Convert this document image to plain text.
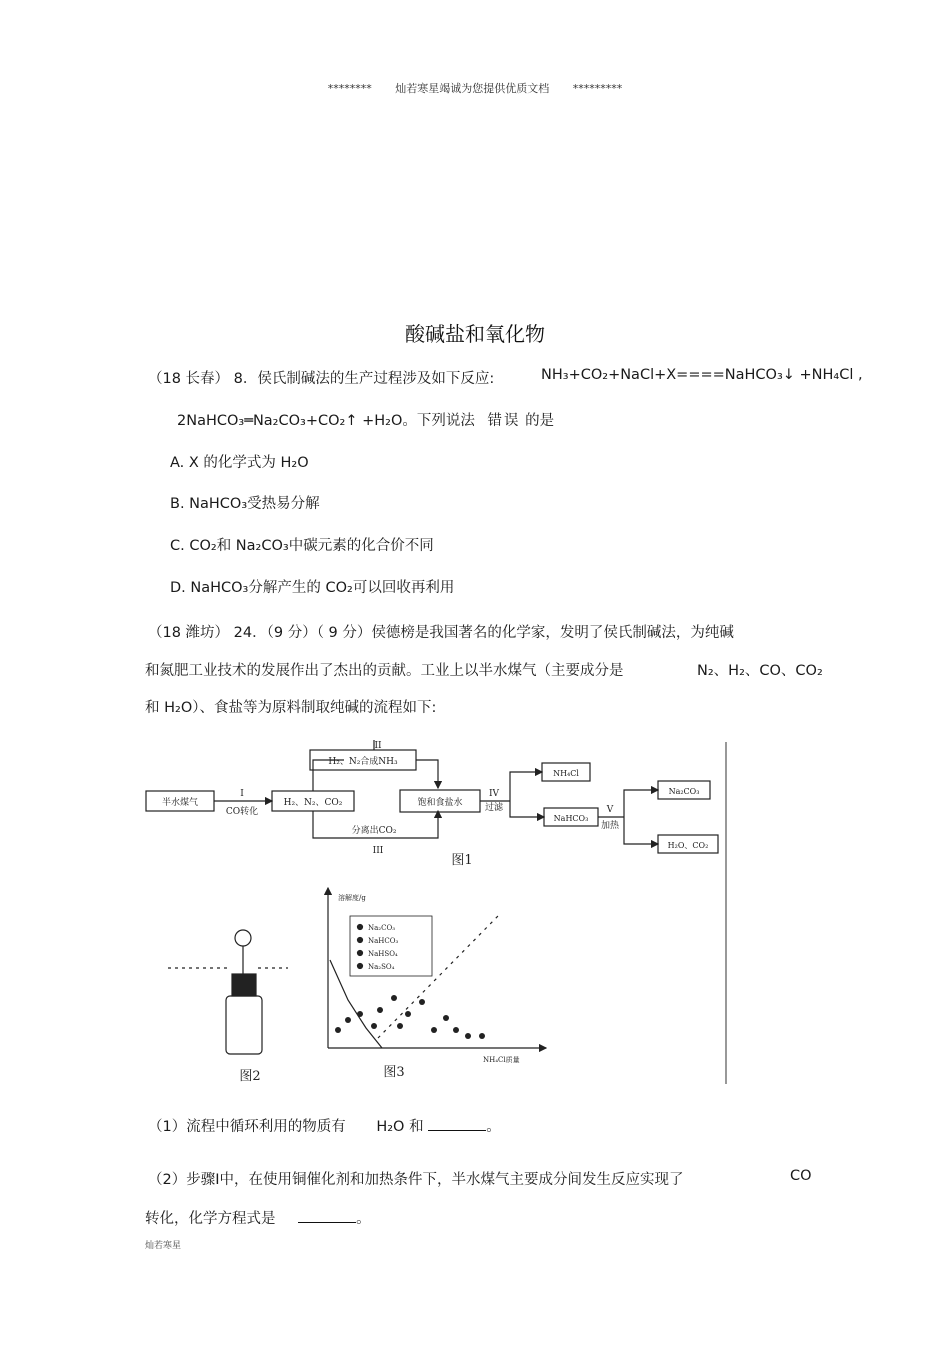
******** 灿若寒星竭诚为您提供优质文档 *********
酸碱盐和氧化物
（18 长春） 8．侯氏制碱法的生产过程涉及如下反应:	NH₃+CO₂+NaCl+X====NaHCO₃↓ +NH₄Cl ,
2NaHCO₃═Na₂CO₃+CO₂↑ +H₂O。下列说法 错误 的是
A. X 的化学式为 H₂O
B. NaHCO₃受热易分解
C. CO₂和 Na₂CO₃中碳元素的化合价不同
D. NaHCO₃分解产生的 CO₂可以回收再利用
（18 潍坊） 24．（9 分）（ 9 分）侯德榜是我国著名的化学家，发明了侯氏制碱法，为纯碱
和氮肥工业技术的发展作出了杰出的贡献。工业上以半水煤气（主要成分是	N₂、H₂、CO、CO₂
和 H₂O）、食盐等为原料制取纯碱的流程如下:
半水煤气	H₂、N₂、CO₂
H₂、N₂合成NH₃
饱和食盐水
NH₄Cl
NaHCO₃
Na₂CO₃
H₂O、CO₂
分离出CO₂
I
CO转化
II
III
IV
过滤	V
加热
图1
图2	图3
溶解度/g
NH₄Cl质量
Na₂CO₃
NaHCO₃
NaHSO₄
Na₂SO₄
（1）流程中循环利用的物质有 H₂O 和	。
（2）步骤Ⅰ中，在使用铜催化剂和加热条件下，半水煤气主要成分间发生反应实现了	CO
转化，化学方程式是	。
灿若寒星
